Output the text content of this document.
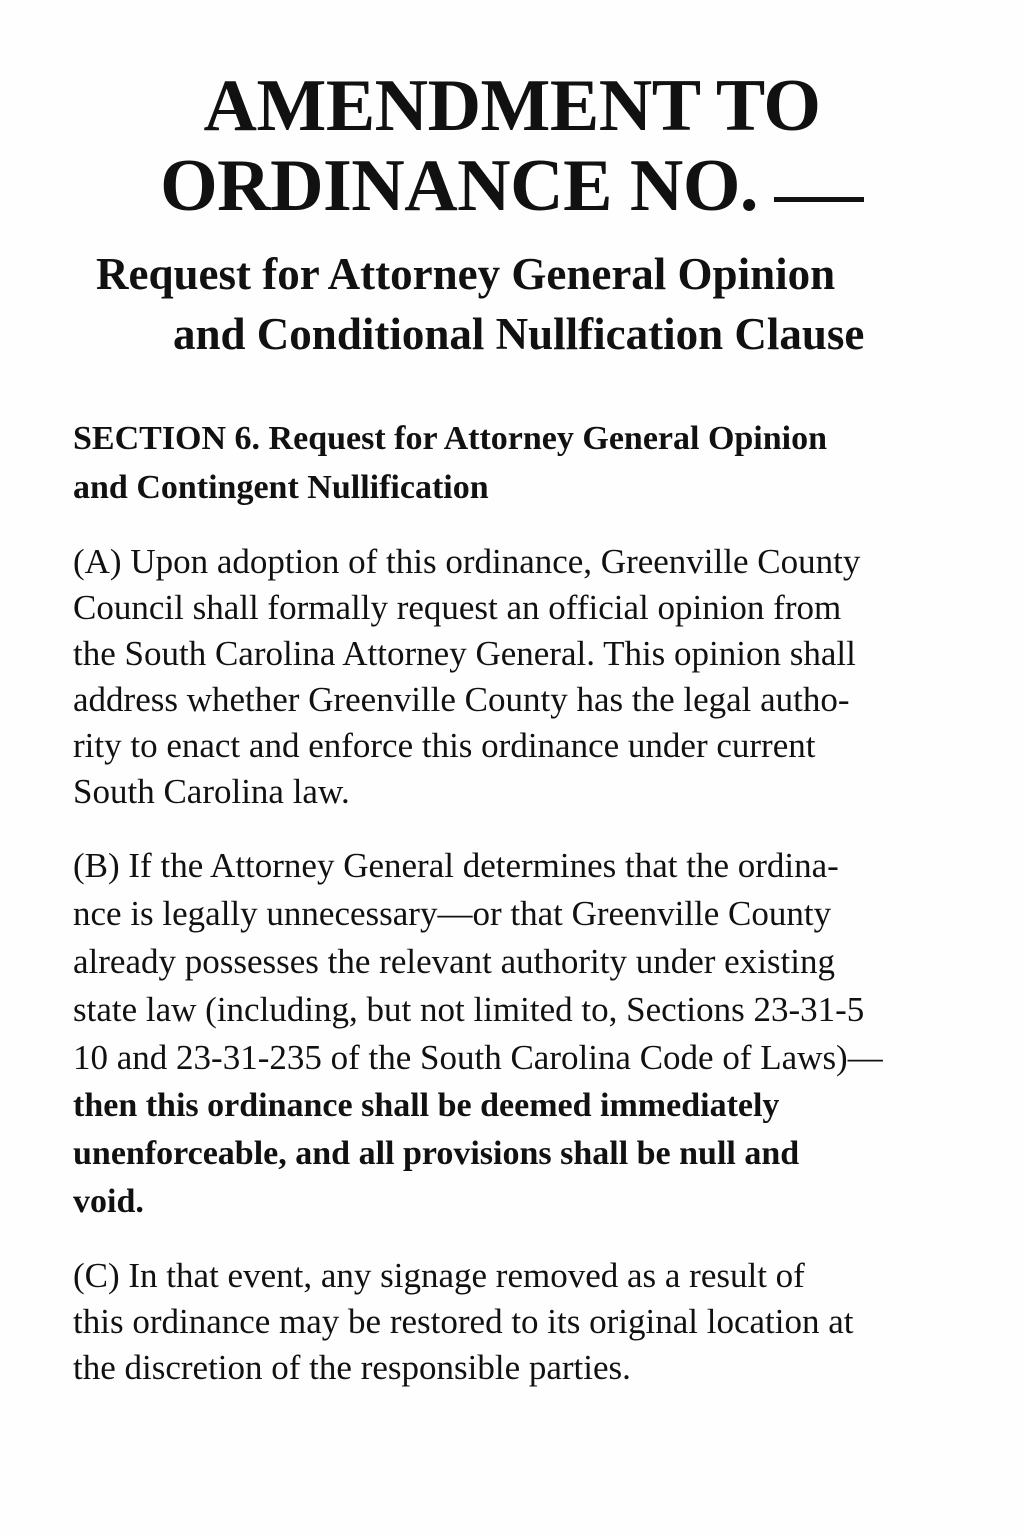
AMENDMENT TO
ORDINANCE NO.
Request for Attorney General Opinion
and Conditional Nullfication Clause
SECTION 6. Request for Attorney General Opinion
and Contingent Nullification

(A) Upon adoption of this ordinance, Greenville County

Council shall formally request an official opinion from

the South Carolina Attorney General. This opinion shall

address whether Greenville County has the legal autho-

rity to enact and enforce this ordinance under current

South Carolina law.

(B) If the Attorney General determines that the ordina-

nce is legally unnecessary—or that Greenville County

already possesses the relevant authority under existing

state law (including, but not limited to, Sections 23-31-5

10 and 23-31-235 of the South Carolina Code of Laws)—

then this ordinance shall be deemed immediately

unenforceable, and all provisions shall be null and

void.

(C) In that event, any signage removed as a result of

this ordinance may be restored to its original location at

the discretion of the responsible parties.
